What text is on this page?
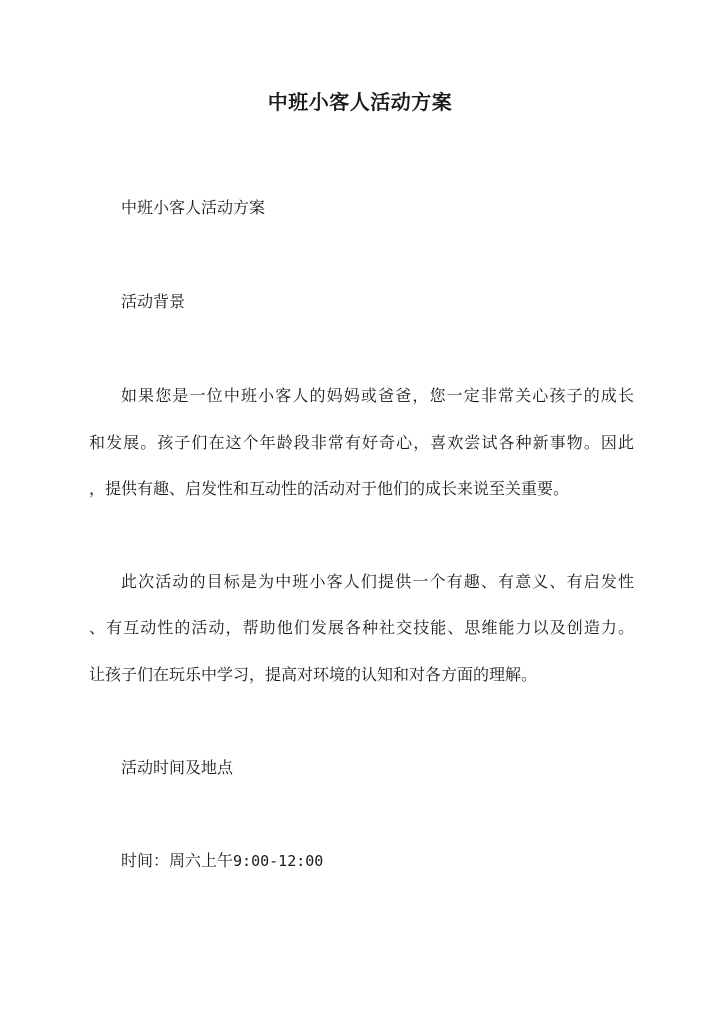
中班小客人活动方案
中班小客人活动方案
活动背景
如果您是一位中班小客人的妈妈或爸爸，您一定非常关心孩子的成长
和发展。孩子们在这个年龄段非常有好奇心，喜欢尝试各种新事物。因此
，提供有趣、启发性和互动性的活动对于他们的成长来说至关重要。
此次活动的目标是为中班小客人们提供一个有趣、有意义、有启发性
、有互动性的活动，帮助他们发展各种社交技能、思维能力以及创造力。
让孩子们在玩乐中学习，提高对环境的认知和对各方面的理解。
活动时间及地点
时间：周六上午9:00-12:00
